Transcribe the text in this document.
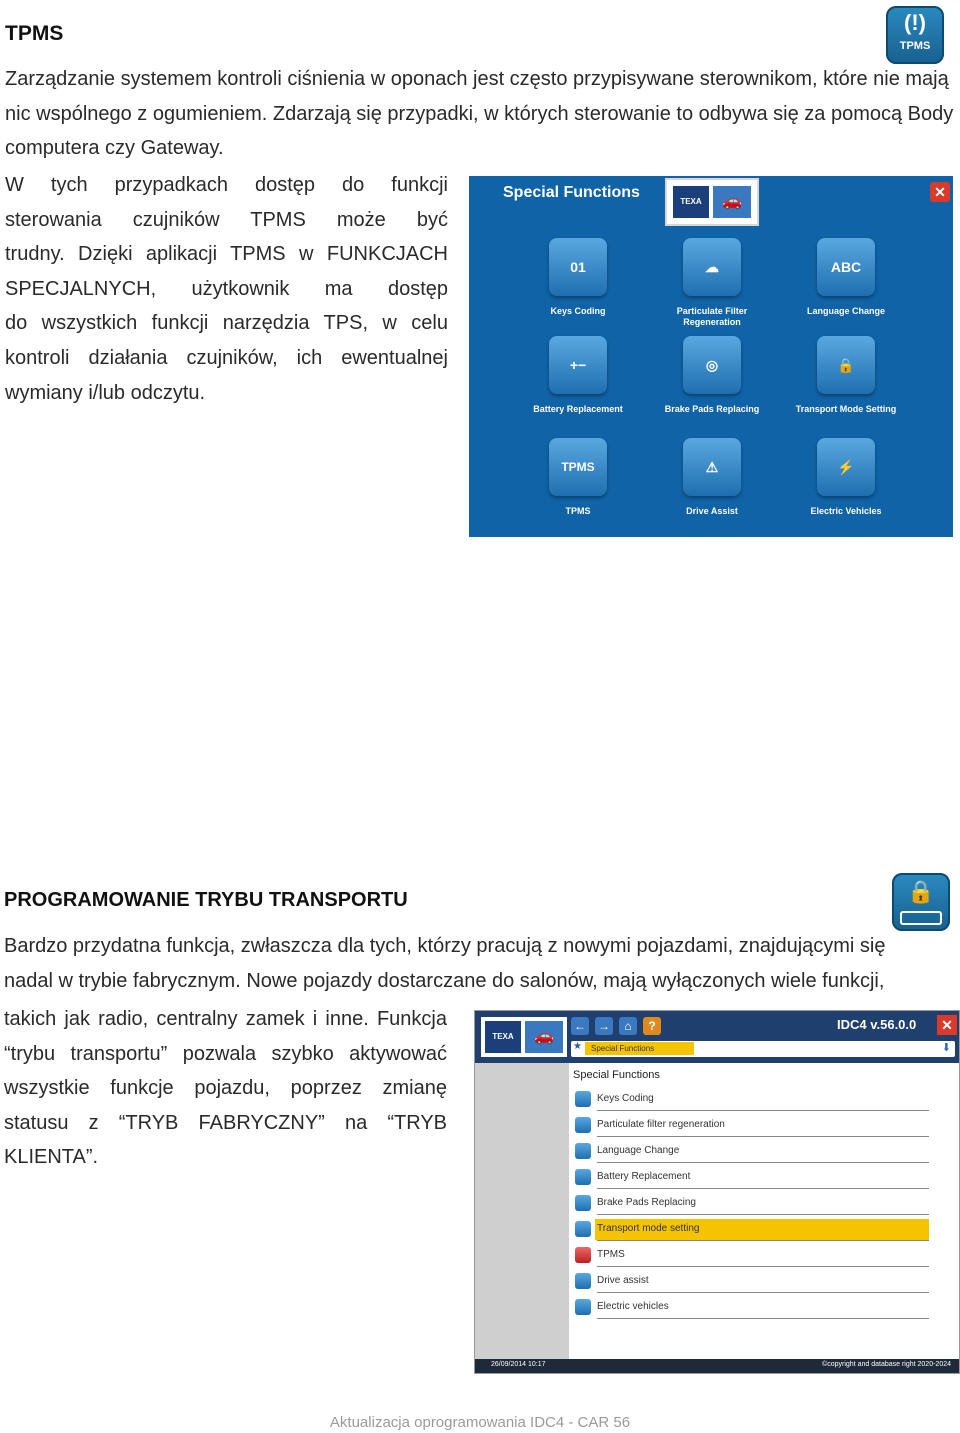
TPMS	(!)
TPMS

Zarządzanie systemem kontroli ciśnienia w oponach jest często przypisywane sterownikom, które nie mają nic wspólnego z ogumieniem. Zdarzają się przypadki, w których sterowanie to odbywa się za pomocą Body computera czy Gateway.

W tych przypadkach dostęp do funkcji
sterowania czujników TPMS może być
trudny. Dzięki aplikacji TPMS w FUNKCJACH
SPECJALNYCH, użytkownik ma dostęp
do wszystkich funkcji narzędzia TPS, w celu
kontroli działania czujników, ich ewentualnej
wymiany i/lub odczytu.
Special Functions
TEXA	🚗
✕
01
Keys Coding
☁
Particulate Filter Regeneration
ABC
Language Change
+−
Battery Replacement
◎
Brake Pads Replacing
🔒
Transport Mode Setting
TPMS
TPMS
⚠
Drive Assist
⚡
Electric Vehicles
PROGRAMOWANIE TRYBU TRANSPORTU	🔒
Bardzo przydatna funkcja, zwłaszcza dla tych, którzy pracują z nowymi pojazdami, znajdującymi się
nadal w trybie fabrycznym. Nowe pojazdy dostarczane do salonów, mają wyłączonych wiele funkcji,
takich jak radio, centralny zamek i inne. Funkcja
“trybu transportu” pozwala szybko aktywować
wszystkie funkcje pojazdu, poprzez zmianę
statusu z “TRYB FABRYCZNY” na “TRYB
KLIENTA”.
TEXA	🚗
← →	⌂	?	IDC4 v.56.0.0 ✕
★	Special Functions	⬇
Special Functions
Keys Coding
Particulate filter regeneration
Language Change
Battery Replacement
Brake Pads Replacing
Transport mode setting
TPMS
Drive assist
Electric vehicles
26/09/2014 10:17	©copyright and database right 2020-2024
Aktualizacja oprogramowania IDC4 - CAR 56
